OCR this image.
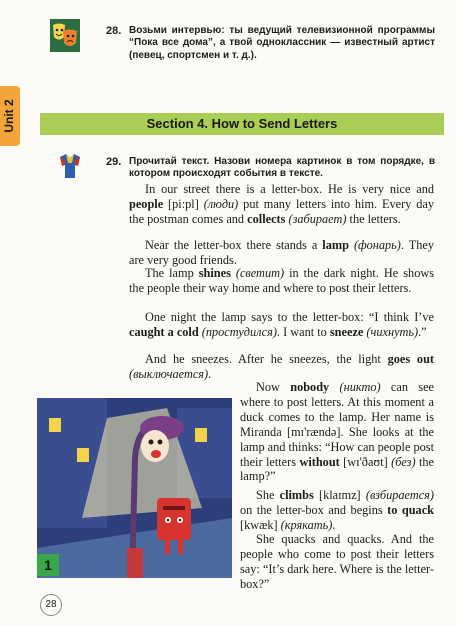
Unit 2
28. Возьми интервью: ты ведущий телевизионной программы “Пока все дома”, а твой одноклассник — известный артист (певец, спортсмен и т. д.).
Section 4. How to Send Letters
29. Прочитай текст. Назови номера картинок в том порядке, в котором происходят события в тексте.

In our street there is a letter-box. He is very nice and people [pi:pl] (люди) put many letters into him. Every day the postman comes and collects (забирает) the letters.

Near the letter-box there stands a lamp (фонарь). They are very good friends.

The lamp shines (светит) in the dark night. He shows the people their way home and where to post their letters.

One night the lamp says to the letter-box: “I think I’ve caught a cold (простудился). I want to sneeze (чихнуть).”

And he sneezes. After he sneezes, the light goes out (выключается).

Now nobody (никто) can see where to post letters. At this moment a duck comes to the lamp. Her name is Miranda [mɪ'rændə]. She looks at the lamp and thinks: “How can people post their letters without [wɪ'ðaʊt] (без) the lamp?”

She climbs [klaɪmz] (взбирается) on the letter-box and begins to quack [kwæk] (крякать).

She quacks and quacks. And the people who come to post their letters say: “It’s dark here. Where is the letter-box?”

1
28
